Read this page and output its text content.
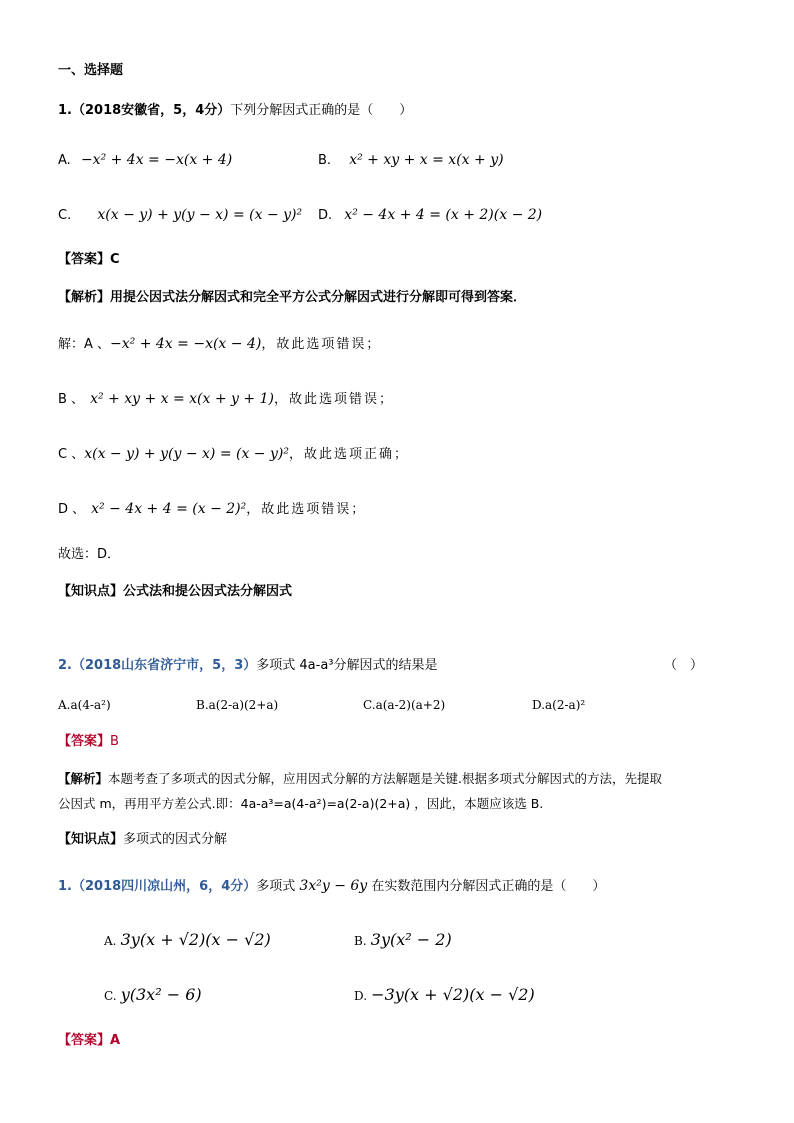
一、选择题
1.（2018安徽省，5，4分）下列分解因式正确的是（　　）
A. −x² + 4x = −x(x + 4)	B. x² + xy + x = x(x + y)
C. x(x − y) + y(y − x) = (x − y)² D. x² − 4x + 4 = (x + 2)(x − 2)
【答案】C
【解析】用提公因式法分解因式和完全平方公式分解因式进行分解即可得到答案．
解：A 、−x² + 4x = −x(x − 4)，故此选项错误；
B 、 x² + xy + x = x(x + y + 1)，故此选项错误；
C 、x(x − y) + y(y − x) = (x − y)²，故此选项正确；
D 、 x² − 4x + 4 = (x − 2)²，故此选项错误；
故选：D．
【知识点】公式法和提公因式法分解因式
2.（2018山东省济宁市，5，3）多项式 4a-a³分解因式的结果是	（　）
A.a(4-a²)	B.a(2-a)(2+a)	C.a(a-2)(a+2)	D.a(2-a)²
【答案】B
【解析】本题考查了多项式的因式分解，应用因式分解的方法解题是关键.根据多项式分解因式的方法，先提取
公因式 m，再用平方差公式.即：4a-a³=a(4-a²)=a(2-a)(2+a) ，因此，本题应该选 B.
【知识点】多项式的因式分解
1.（2018四川凉山州，6，4分）多项式 3x²y − 6y 在实数范围内分解因式正确的是（　　）
A. 3y(x + √2)(x − √2)	B. 3y(x² − 2)
C. y(3x² − 6)	D. −3y(x + √2)(x − √2)
【答案】A
